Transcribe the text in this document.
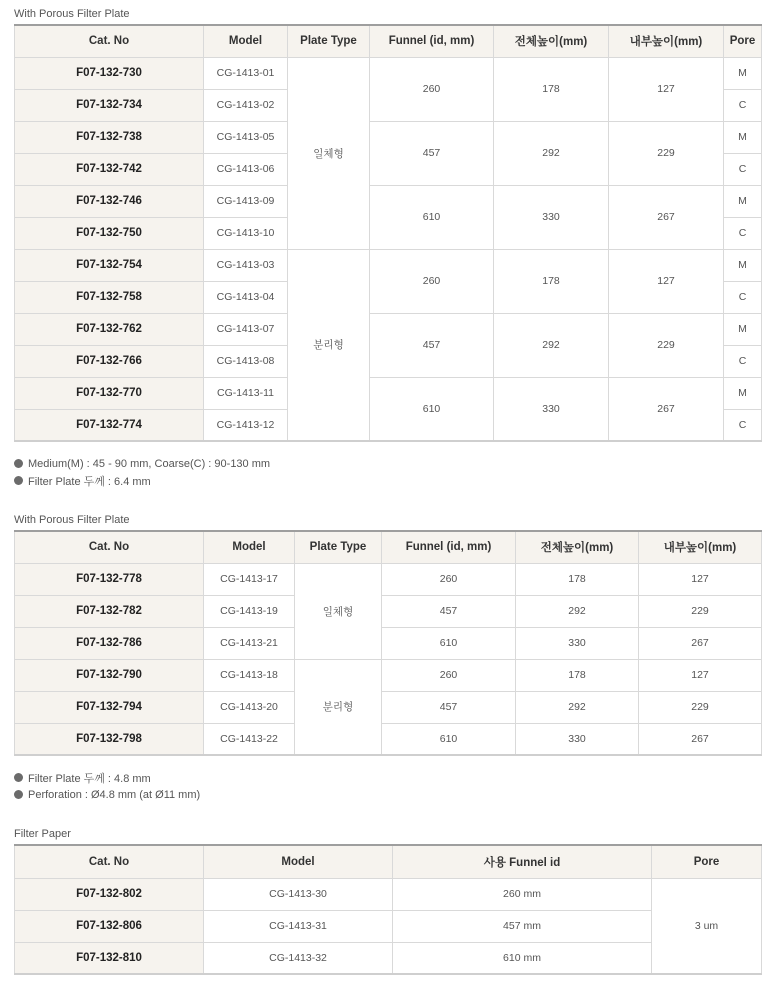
With Porous Filter Plate
Cat. No	Model	Plate Type	Funnel (id, mm)	전체높이(mm)	내부높이(mm)	Pore
F07-132-730	CG-1413-01	일체형	260	178	127	M
F07-132-734	CG-1413-02					C
F07-132-738	CG-1413-05		457	292	229	M
F07-132-742	CG-1413-06					C
F07-132-746	CG-1413-09		610	330	267	M
F07-132-750	CG-1413-10					C
F07-132-754	CG-1413-03	분리형	260	178	127	M
F07-132-758	CG-1413-04					C
F07-132-762	CG-1413-07		457	292	229	M
F07-132-766	CG-1413-08					C
F07-132-770	CG-1413-11		610	330	267	M
F07-132-774	CG-1413-12					C
Medium(M) : 45 - 90 mm, Coarse(C) : 90-130 mm
Filter Plate 두께 : 6.4 mm
With Porous Filter Plate
Cat. No	Model	Plate Type	Funnel (id, mm)	전체높이(mm)	내부높이(mm)
F07-132-778	CG-1413-17	일체형	260	178	127
F07-132-782	CG-1413-19		457	292	229
F07-132-786	CG-1413-21		610	330	267
F07-132-790	CG-1413-18	분리형	260	178	127
F07-132-794	CG-1413-20		457	292	229
F07-132-798	CG-1413-22		610	330	267
Filter Plate 두께 : 4.8 mm
Perforation : Ø4.8 mm (at Ø11 mm)
Filter Paper
Cat. No	Model	사용 Funnel id	Pore
F07-132-802	CG-1413-30	260 mm	3 um
F07-132-806	CG-1413-31	457 mm	
F07-132-810	CG-1413-32	610 mm	
